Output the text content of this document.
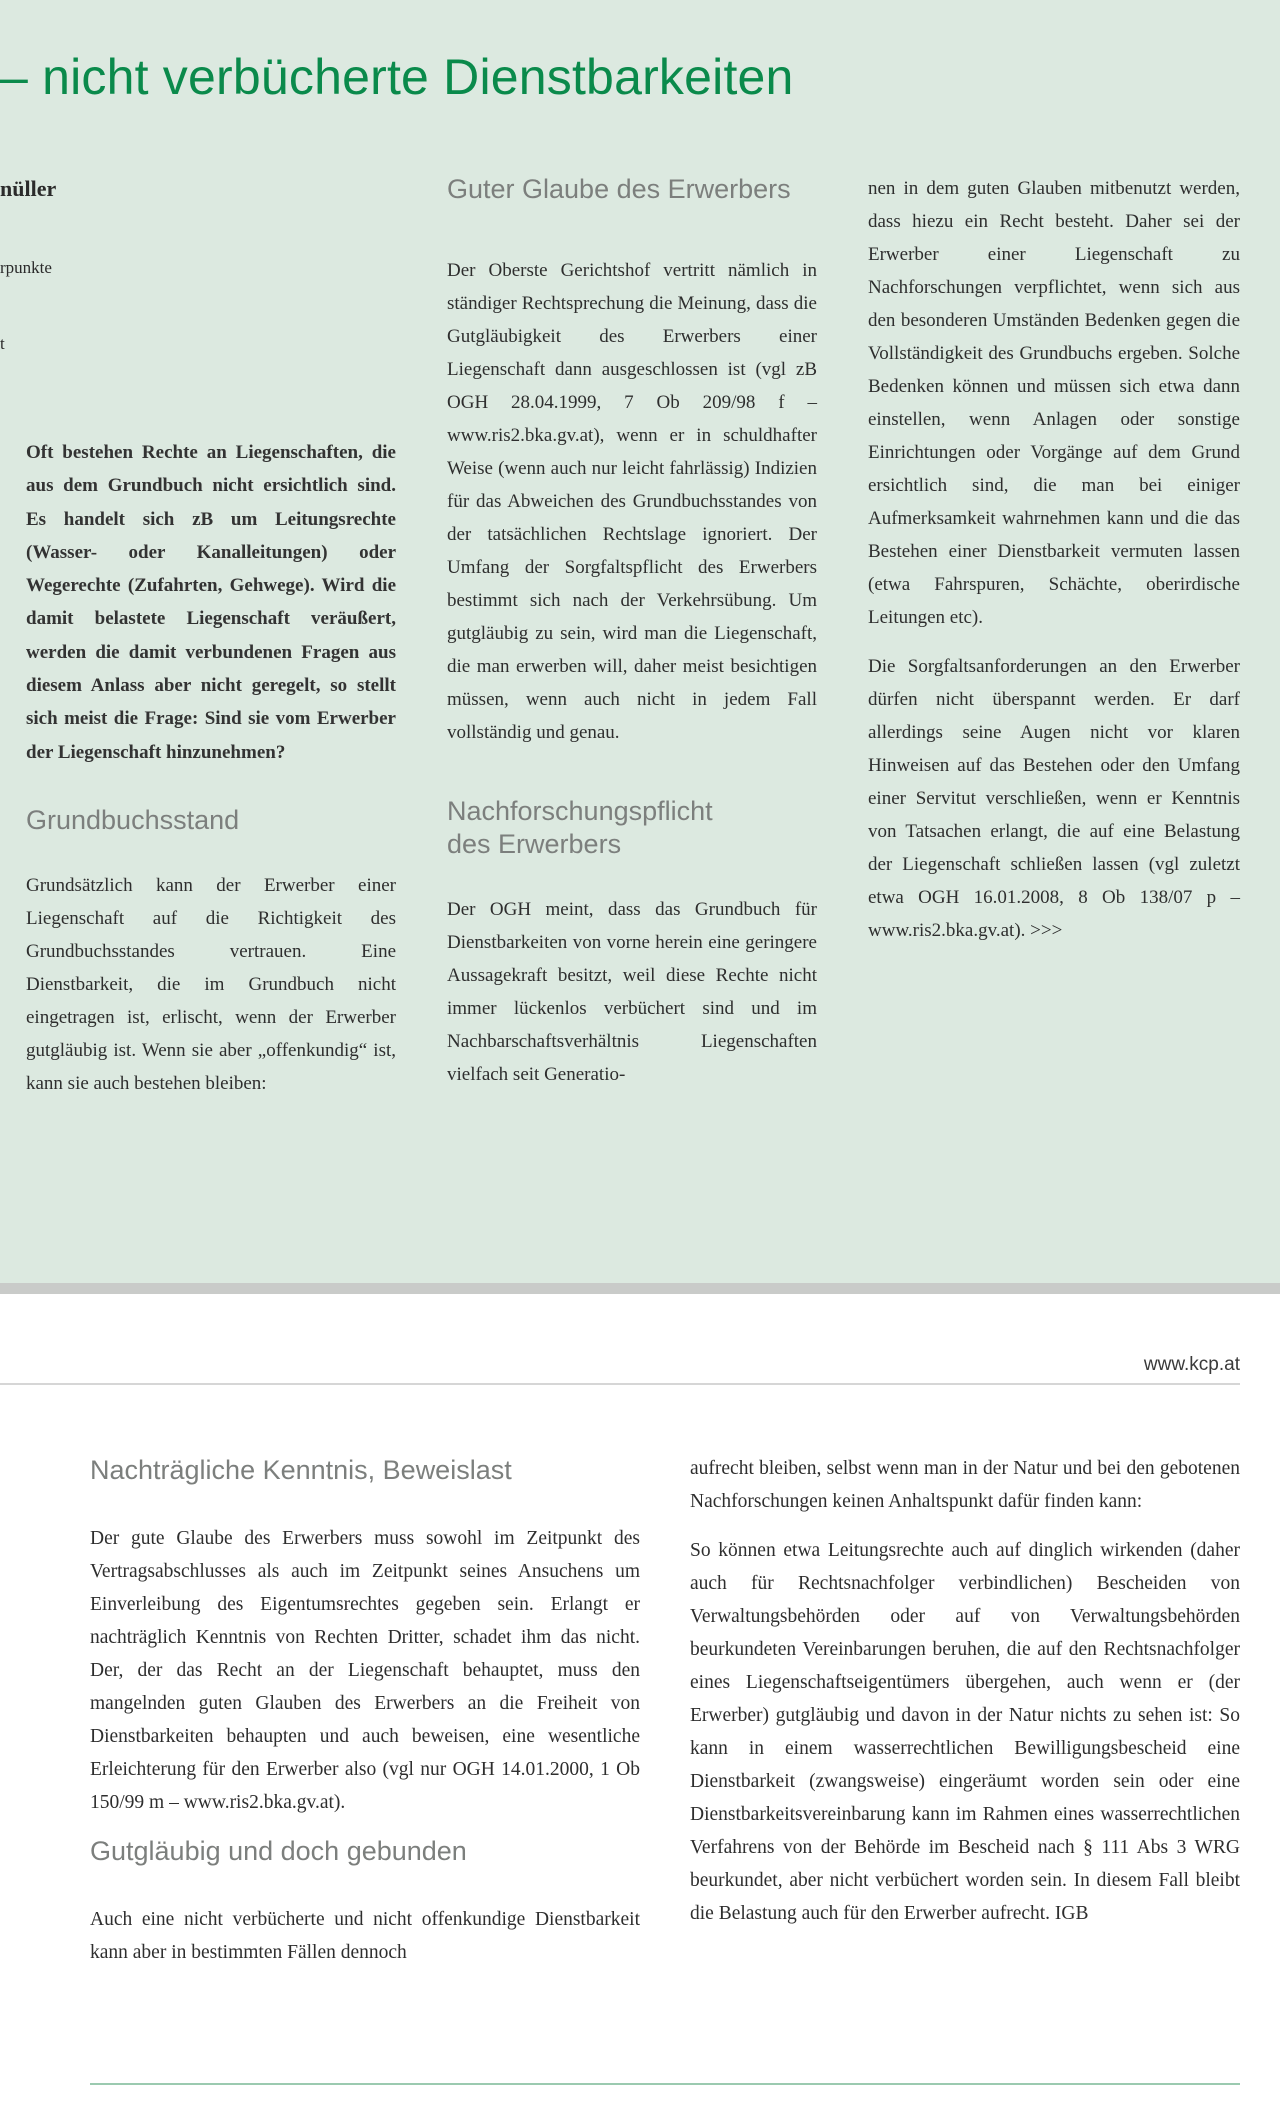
– nicht verbücherte Dienstbarkeiten
nüller
rpunkte
t

Oft bestehen Rechte an Liegenschaften, die aus dem Grundbuch nicht ersichtlich sind. Es handelt sich zB um Leitungsrechte (Wasser- oder Kanalleitungen) oder Wegerechte (Zufahrten, Gehwege). Wird die damit belastete Liegenschaft veräußert, werden die damit verbundenen Fragen aus diesem Anlass aber nicht geregelt, so stellt sich meist die Frage: Sind sie vom Erwerber der Liegenschaft hinzunehmen?

Grundbuchsstand

Grundsätzlich kann der Erwerber einer Liegenschaft auf die Richtigkeit des Grundbuchsstandes vertrauen. Eine Dienstbarkeit, die im Grundbuch nicht eingetragen ist, erlischt, wenn der Erwerber gutgläubig ist. Wenn sie aber „offenkundig“ ist, kann sie auch bestehen bleiben:

Guter Glaube des Erwerbers

Der Oberste Gerichtshof vertritt nämlich in ständiger Rechtsprechung die Meinung, dass die Gutgläubigkeit des Erwerbers einer Liegenschaft dann ausgeschlossen ist (vgl zB OGH 28.04.1999, 7 Ob 209/98 f – www.ris2.bka.gv.at), wenn er in schuldhafter Weise (wenn auch nur leicht fahrlässig) Indizien für das Abweichen des Grundbuchsstandes von der tatsächlichen Rechtslage ignoriert. Der Umfang der Sorgfaltspflicht des Erwerbers bestimmt sich nach der Verkehrsübung. Um gutgläubig zu sein, wird man die Liegenschaft, die man erwerben will, daher meist besichtigen müssen, wenn auch nicht in jedem Fall vollständig und genau.

Nachforschungspflicht
des Erwerbers

Der OGH meint, dass das Grundbuch für Dienstbarkeiten von vorne herein eine geringere Aussagekraft besitzt, weil diese Rechte nicht immer lückenlos verbüchert sind und im Nachbarschaftsverhältnis Liegenschaften vielfach seit Generatio-

nen in dem guten Glauben mitbenutzt werden, dass hiezu ein Recht besteht. Daher sei der Erwerber einer Liegenschaft zu Nachforschungen verpflichtet, wenn sich aus den besonderen Umständen Bedenken gegen die Vollständigkeit des Grundbuchs ergeben. Solche Bedenken können und müssen sich etwa dann einstellen, wenn Anlagen oder sonstige Einrichtungen oder Vorgänge auf dem Grund ersichtlich sind, die man bei einiger Aufmerksamkeit wahrnehmen kann und die das Bestehen einer Dienstbarkeit vermuten lassen (etwa Fahrspuren, Schächte, oberirdische Leitungen etc).

Die Sorgfaltsanforderungen an den Erwerber dürfen nicht überspannt werden. Er darf allerdings seine Augen nicht vor klaren Hinweisen auf das Bestehen oder den Umfang einer Servitut verschließen, wenn er Kenntnis von Tatsachen erlangt, die auf eine Belastung der Liegenschaft schließen lassen (vgl zuletzt etwa OGH 16.01.2008, 8 Ob 138/07 p – www.ris2.bka.gv.at). >>>

www.kcp.at
Nachträgliche Kenntnis, Beweislast

Der gute Glaube des Erwerbers muss sowohl im Zeitpunkt des Vertragsabschlusses als auch im Zeitpunkt seines Ansuchens um Einverleibung des Eigentumsrechtes gegeben sein. Erlangt er nachträglich Kenntnis von Rechten Dritter, schadet ihm das nicht. Der, der das Recht an der Liegenschaft behauptet, muss den mangelnden guten Glauben des Erwerbers an die Freiheit von Dienstbarkeiten behaupten und auch beweisen, eine wesentliche Erleichterung für den Erwerber also (vgl nur OGH 14.01.2000, 1 Ob 150/99 m – www.ris2.bka.gv.at).

Gutgläubig und doch gebunden

Auch eine nicht verbücherte und nicht offenkundige Dienstbarkeit kann aber in bestimmten Fällen dennoch

aufrecht bleiben, selbst wenn man in der Natur und bei den gebotenen Nachforschungen keinen Anhaltspunkt dafür finden kann:

So können etwa Leitungsrechte auch auf dinglich wirkenden (daher auch für Rechtsnachfolger verbindlichen) Bescheiden von Verwaltungsbehörden oder auf von Verwaltungsbehörden beurkundeten Vereinbarungen beruhen, die auf den Rechtsnachfolger eines Liegenschaftseigentümers übergehen, auch wenn er (der Erwerber) gutgläubig und davon in der Natur nichts zu sehen ist: So kann in einem wasserrechtlichen Bewilligungsbescheid eine Dienstbarkeit (zwangsweise) eingeräumt worden sein oder eine Dienstbarkeitsvereinbarung kann im Rahmen eines wasserrechtlichen Verfahrens von der Behörde im Bescheid nach § 111 Abs 3 WRG beurkundet, aber nicht verbüchert worden sein. In diesem Fall bleibt die Belastung auch für den Erwerber aufrecht. IGB
